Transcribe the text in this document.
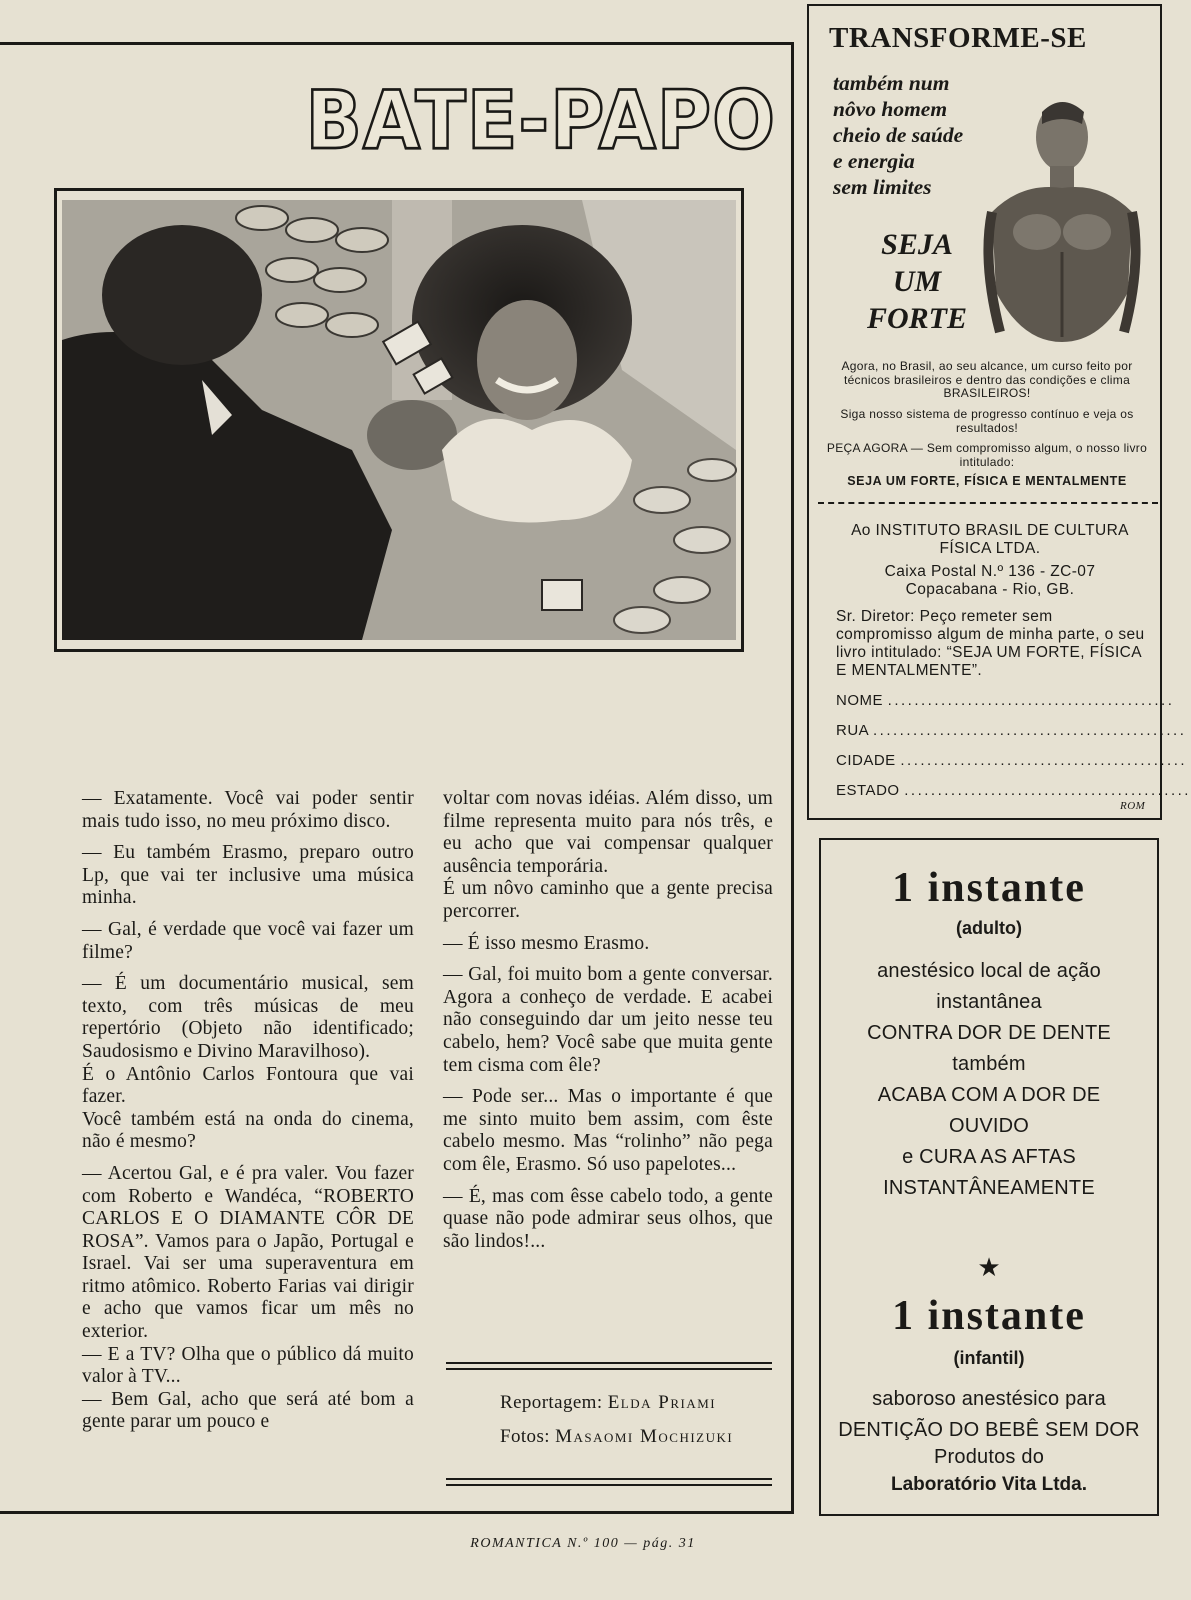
BATE-PAPO

— Exatamente. Você vai poder sentir mais tudo isso, no meu próximo disco.

— Eu também Erasmo, preparo outro Lp, que vai ter inclusive uma música minha.

— Gal, é verdade que você vai fazer um filme?

— É um documentário musical, sem texto, com três músicas de meu repertório (Objeto não identificado; Saudosismo e Divino Maravilhoso).

É o Antônio Carlos Fontoura que vai fazer.

Você também está na onda do cinema, não é mesmo?

— Acertou Gal, e é pra valer. Vou fazer com Roberto e Wandéca, “ROBERTO CARLOS E O DIAMANTE CÔR DE ROSA”. Vamos para o Japão, Portugal e Israel. Vai ser uma superaventura em ritmo atômico. Roberto Farias vai dirigir e acho que vamos ficar um mês no exterior.

— E a TV? Olha que o público dá muito valor à TV...

— Bem Gal, acho que será até bom a gente parar um pouco e

voltar com novas idéias. Além disso, um filme representa muito para nós três, e eu acho que vai compensar qualquer ausência temporária.

É um nôvo caminho que a gente precisa percorrer.

— É isso mesmo Erasmo.

— Gal, foi muito bom a gente conversar. Agora a conheço de verdade. E acabei não conseguindo dar um jeito nesse teu cabelo, hem? Você sabe que muita gente tem cisma com êle?

— Pode ser... Mas o importante é que me sinto muito bem assim, com êste cabelo mesmo. Mas “rolinho” não pega com êle, Erasmo. Só uso papelotes...

— É, mas com êsse cabelo todo, a gente quase não pode admirar seus olhos, que são lindos!...

Reportagem: Elda Priami
Fotos: Masaomi Mochizuki
ROMANTICA N.º 100 — pág. 31
TRANSFORME-SE
também num
nôvo homem
cheio de saúde
e energia
sem limites
SEJA
UM
FORTE
Agora, no Brasil, ao seu alcance, um curso feito por técnicos brasileiros e dentro das condições e clima BRASILEIROS!
Siga nosso sistema de progresso contínuo e veja os resultados!
PEÇA AGORA — Sem compromisso algum, o nosso livro intitulado:
SEJA UM FORTE, FÍSICA E MENTALMENTE
Ao INSTITUTO BRASIL DE CULTURA FÍSICA LTDA.
Caixa Postal N.º 136 - ZC-07
Copacabana - Rio, GB.
Sr. Diretor: Peço remeter sem compromisso algum de minha parte, o seu livro intitulado: “SEJA UM FORTE, FÍSICA E MENTALMENTE”.
NOME ...........................................
RUA ...............................................
CIDADE ...........................................
ESTADO ...........................................
ROM
1 instante
(adulto)
anestésico local de ação
instantânea
CONTRA DOR DE DENTE
também
ACABA COM A DOR DE
OUVIDO
e CURA AS AFTAS
INSTANTÂNEAMENTE
★
1 instante
(infantil)
saboroso anestésico para
DENTIÇÃO DO BEBÊ SEM DOR
Produtos do
Laboratório Vita Ltda.
